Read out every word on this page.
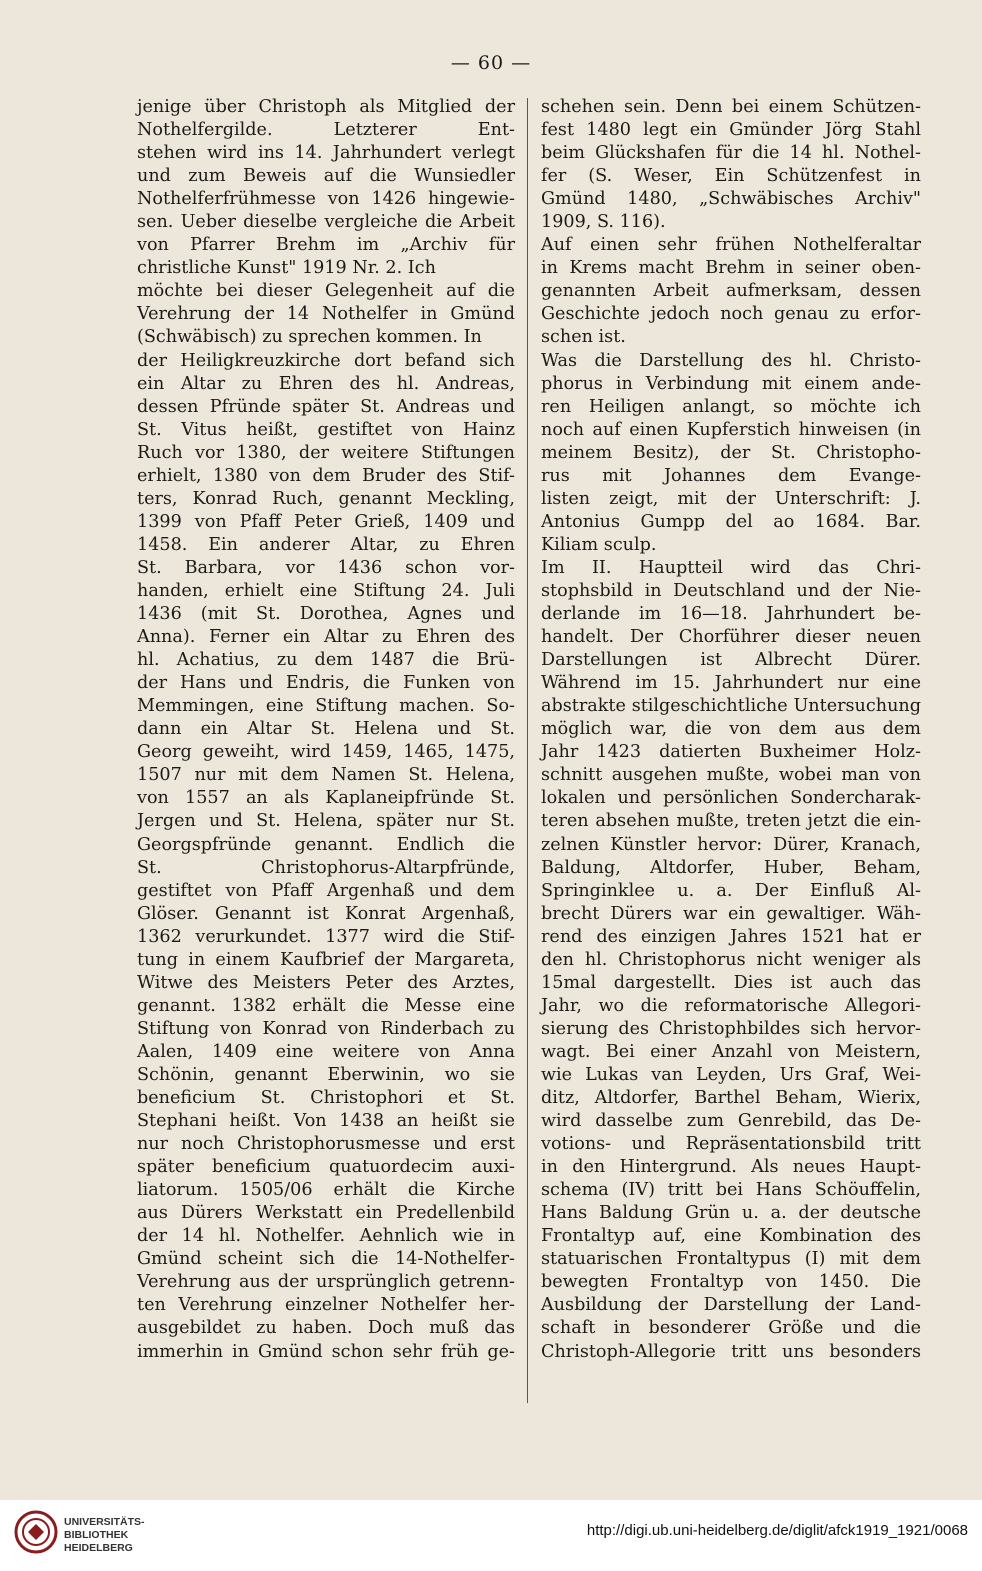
— 60 —

jenige über Christoph als Mitglied der

Nothelfergilde. Letzterer Ent-

stehen wird ins 14. Jahrhundert verlegt

und zum Beweis auf die Wunsiedler

Nothelferfrühmesse von 1426 hingewie-

sen. Ueber dieselbe vergleiche die Arbeit

von Pfarrer Brehm im „Archiv für

christliche Kunst" 1919 Nr. 2. Ich

möchte bei dieser Gelegenheit auf die

Verehrung der 14 Nothelfer in Gmünd

(Schwäbisch) zu sprechen kommen. In

der Heiligkreuzkirche dort befand sich

ein Altar zu Ehren des hl. Andreas,

dessen Pfründe später St. Andreas und

St. Vitus heißt, gestiftet von Hainz

Ruch vor 1380, der weitere Stiftungen

erhielt, 1380 von dem Bruder des Stif-

ters, Konrad Ruch, genannt Meckling,

1399 von Pfaff Peter Grieß, 1409 und

1458. Ein anderer Altar, zu Ehren

St. Barbara, vor 1436 schon vor-

handen, erhielt eine Stiftung 24. Juli

1436 (mit St. Dorothea, Agnes und

Anna). Ferner ein Altar zu Ehren des

hl. Achatius, zu dem 1487 die Brü-

der Hans und Endris, die Funken von

Memmingen, eine Stiftung machen. So-

dann ein Altar St. Helena und St.

Georg geweiht, wird 1459, 1465, 1475,

1507 nur mit dem Namen St. Helena,

von 1557 an als Kaplaneipfründe St.

Jergen und St. Helena, später nur St.

Georgspfründe genannt. Endlich die

St. Christophorus-Altarpfründe,

gestiftet von Pfaff Argenhaß und dem

Glöser. Genannt ist Konrat Argenhaß,

1362 verurkundet. 1377 wird die Stif-

tung in einem Kaufbrief der Margareta,

Witwe des Meisters Peter des Arztes,

genannt. 1382 erhält die Messe eine

Stiftung von Konrad von Rinderbach zu

Aalen, 1409 eine weitere von Anna

Schönin, genannt Eberwinin, wo sie

beneficium St. Christophori et St.

Stephani heißt. Von 1438 an heißt sie

nur noch Christophorusmesse und erst

später beneficium quatuordecim auxi-

liatorum. 1505/06 erhält die Kirche

aus Dürers Werkstatt ein Predellenbild

der 14 hl. Nothelfer. Aehnlich wie in

Gmünd scheint sich die 14-Nothelfer-

Verehrung aus der ursprünglich getrenn-

ten Verehrung einzelner Nothelfer her-

ausgebildet zu haben. Doch muß das

immerhin in Gmünd schon sehr früh ge-

schehen sein. Denn bei einem Schützen-

fest 1480 legt ein Gmünder Jörg Stahl

beim Glückshafen für die 14 hl. Nothel-

fer (S. Weser, Ein Schützenfest in

Gmünd 1480, „Schwäbisches Archiv"

1909, S. 116).

Auf einen sehr frühen Nothelferaltar

in Krems macht Brehm in seiner oben-

genannten Arbeit aufmerksam, dessen

Geschichte jedoch noch genau zu erfor-

schen ist.

Was die Darstellung des hl. Christo-

phorus in Verbindung mit einem ande-

ren Heiligen anlangt, so möchte ich

noch auf einen Kupferstich hinweisen (in

meinem Besitz), der St. Christopho-

rus mit Johannes dem Evange-

listen zeigt, mit der Unterschrift: J.

Antonius Gumpp del ao 1684. Bar.

Kiliam sculp.

Im II. Hauptteil wird das Chri-

stophsbild in Deutschland und der Nie-

derlande im 16—18. Jahrhundert be-

handelt. Der Chorführer dieser neuen

Darstellungen ist Albrecht Dürer.

Während im 15. Jahrhundert nur eine

abstrakte stilgeschichtliche Untersuchung

möglich war, die von dem aus dem

Jahr 1423 datierten Buxheimer Holz-

schnitt ausgehen mußte, wobei man von

lokalen und persönlichen Sondercharak-

teren absehen mußte, treten jetzt die ein-

zelnen Künstler hervor: Dürer, Kranach,

Baldung, Altdorfer, Huber, Beham,

Springinklee u. a. Der Einfluß Al-

brecht Dürers war ein gewaltiger. Wäh-

rend des einzigen Jahres 1521 hat er

den hl. Christophorus nicht weniger als

15mal dargestellt. Dies ist auch das

Jahr, wo die reformatorische Allegori-

sierung des Christophbildes sich hervor-

wagt. Bei einer Anzahl von Meistern,

wie Lukas van Leyden, Urs Graf, Wei-

ditz, Altdorfer, Barthel Beham, Wierix,

wird dasselbe zum Genrebild, das De-

votions- und Repräsentationsbild tritt

in den Hintergrund. Als neues Haupt-

schema (IV) tritt bei Hans Schöuffelin,

Hans Baldung Grün u. a. der deutsche

Frontaltyp auf, eine Kombination des

statuarischen Frontaltypus (I) mit dem

bewegten Frontaltyp von 1450. Die

Ausbildung der Darstellung der Land-

schaft in besonderer Größe und die

Christoph-Allegorie tritt uns besonders

UNIVERSITÄTS-
BIBLIOTHEK
HEIDELBERG
http://digi.ub.uni-heidelberg.de/diglit/afck1919_1921/0068
